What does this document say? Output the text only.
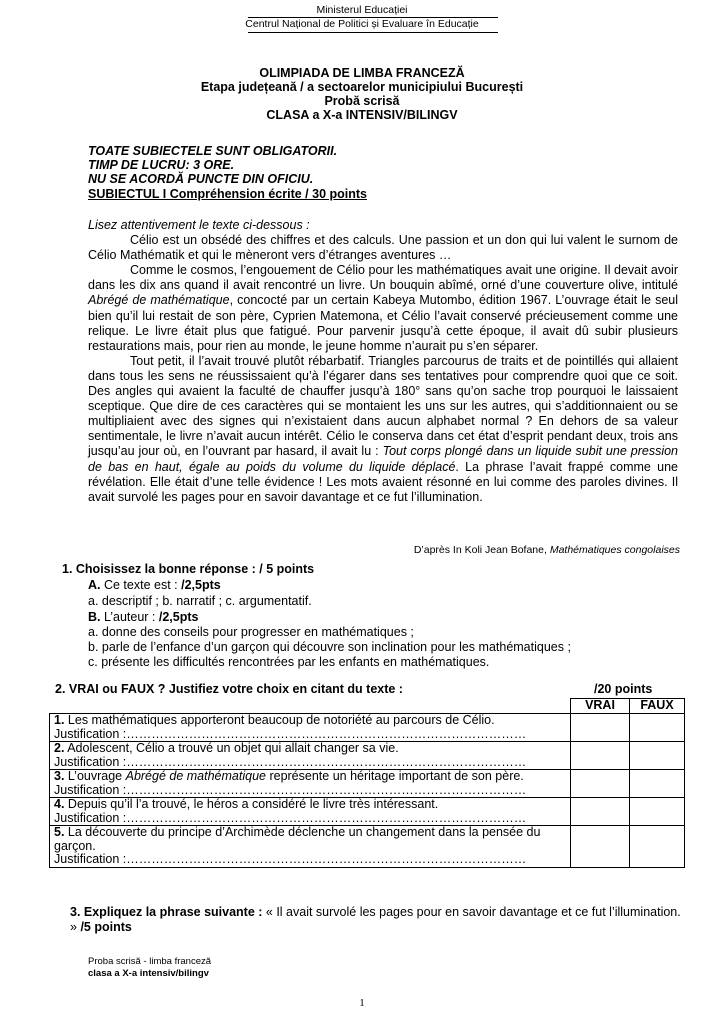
Ministerul Educației
Centrul Național de Politici și Evaluare în Educație
OLIMPIADA DE LIMBA FRANCEZĂ
Etapa județeană / a sectoarelor municipiului București
Probă scrisă
CLASA a X-a INTENSIV/BILINGV
TOATE SUBIECTELE SUNT OBLIGATORII.
TIMP DE LUCRU: 3 ORE.
NU SE ACORDĂ PUNCTE DIN OFICIU.
SUBIECTUL I Compréhension écrite / 30 points

Lisez attentivement le texte ci-dessous :

Célio est un obsédé des chiffres et des calculs. Une passion et un don qui lui valent le surnom de Célio Mathématik et qui le mèneront vers d’étranges aventures …

Comme le cosmos, l’engouement de Célio pour les mathématiques avait une origine. Il devait avoir dans les dix ans quand il avait rencontré un livre. Un bouquin abîmé, orné d’une couverture olive, intitulé Abrégé de mathématique, concocté par un certain Kabeya Mutombo, édition 1967. L’ouvrage était le seul bien qu’il lui restait de son père, Cyprien Matemona, et Célio l’avait conservé précieusement comme une relique. Le livre était plus que fatigué. Pour parvenir jusqu’à cette époque, il avait dû subir plusieurs restaurations mais, pour rien au monde, le jeune homme n’aurait pu s’en séparer.

Tout petit, il l’avait trouvé plutôt rébarbatif. Triangles parcourus de traits et de pointillés qui allaient dans tous les sens ne réussissaient qu’à l’égarer dans ses tentatives pour comprendre quoi que ce soit. Des angles qui avaient la faculté de chauffer jusqu’à 180° sans qu’on sache trop pourquoi le laissaient sceptique. Que dire de ces caractères qui se montaient les uns sur les autres, qui s’additionnaient ou se multipliaient avec des signes qui n’existaient dans aucun alphabet normal ? En dehors de sa valeur sentimentale, le livre n’avait aucun intérêt. Célio le conserva dans cet état d’esprit pendant deux, trois ans jusqu’au jour où, en l’ouvrant par hasard, il avait lu : Tout corps plongé dans un liquide subit une pression de bas en haut, égale au poids du volume du liquide déplacé. La phrase l’avait frappé comme une révélation. Elle était d’une telle évidence ! Les mots avaient résonné en lui comme des paroles divines. Il avait survolé les pages pour en savoir davantage et ce fut l’illumination.

D’après In Koli Jean Bofane, Mathématiques congolaises
1. Choisissez la bonne réponse : / 5 points
A. Ce texte est : /2,5pts
a. descriptif ; b. narratif ; c. argumentatif.
B. L’auteur : /2,5pts
a. donne des conseils pour progresser en mathématiques ;
b. parle de l’enfance d’un garçon qui découvre son inclination pour les mathématiques ;
c. présente les difficultés rencontrées par les enfants en mathématiques.
2. VRAI ou FAUX ? Justifiez votre choix en citant du texte :	/20 points
	VRAI	FAUX
1. Les mathématiques apporteront beaucoup de notoriété au parcours de Célio.
Justification :……………………………………………………………………………………		
2. Adolescent, Célio a trouvé un objet qui allait changer sa vie.
Justification :……………………………………………………………………………………		
3. L’ouvrage Abrégé de mathématique représente un héritage important de son père.
Justification :……………………………………………………………………………………		
4. Depuis qu’il l’a trouvé, le héros a considéré le livre très intéressant.
Justification :……………………………………………………………………………………		
5. La découverte du principe d’Archimède déclenche un changement dans la pensée du garçon.
Justification :……………………………………………………………………………………		
3. Expliquez la phrase suivante : « Il avait survolé les pages pour en savoir davantage et ce fut l’illumination. » /5 points
Proba scrisă - limba franceză
clasa a X-a intensiv/bilingv
1
